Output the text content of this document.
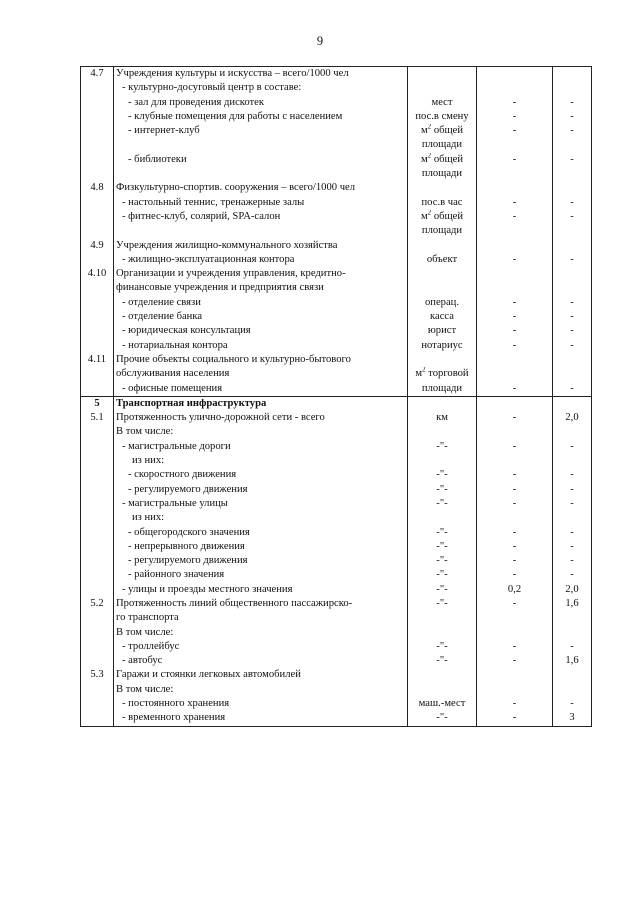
9
4.7	Учреждения культуры и искусства – всего/1000 чел			
	- культурно-досуговый центр в составе:			
	- зал для проведения дискотек	мест	-	-
	- клубные помещения для работы с населением	пос.в смену	-	-
	- интернет-клуб	$м^2$ общей	-	-
		площади		
	- библиотеки	$м^2$ общей	-	-
		площади		

4.8	Физкультурно-спортив. сооружения – всего/1000 чел			
	- настольный теннис, тренажерные залы	пос.в час	-	-
	- фитнес-клуб, солярий, SPA-салон	$м^2$ общей	-	-
		площади		

4.9	Учреждения жилищно-коммунального хозяйства			
	- жилищно-эксплуатационная контора	объект	-	-

4.10	Организации и учреждения управления, кредитно-			
	финансовые учреждения и предприятия связи			
	- отделение связи	операц.	-	-
	- отделение банка	касса	-	-
	- юридическая консультация	юрист	-	-
	- нотариальная контора	нотариус	-	-

4.11	Прочие объекты социального и культурно-бытового			
	обслуживания населения	$м^2$ торговой		
	- офисные помещения	площади	-	-
5	Транспортная инфраструктура			
5.1	Протяженность улично-дорожной сети - всего	км	-	2,0
	В том числе:			
	- магистральные дороги	-"-	-	-
	из них:			
	- скоростного движения	-"-	-	-
	- регулируемого движения	-"-	-	-
	- магистральные улицы	-"-	-	-
	из них:			
	- общегородского значения	-"-	-	-
	- непрерывного движения	-"-	-	-
	- регулируемого движения	-"-	-	-
	- районного значения	-"-	-	-
	- улицы и проезды местного значения	-"-	0,2	2,0

5.2	Протяженность линий общественного пассажирско-	-"-	-	1,6
	го транспорта			
	В том числе:			
	- троллейбус	-"-	-	-
	- автобус	-"-	-	1,6

5.3	Гаражи и стоянки легковых автомобилей			
	В том числе:			
	- постоянного хранения	маш.-мест	-	-
	- временного хранения	-"-	-	3
